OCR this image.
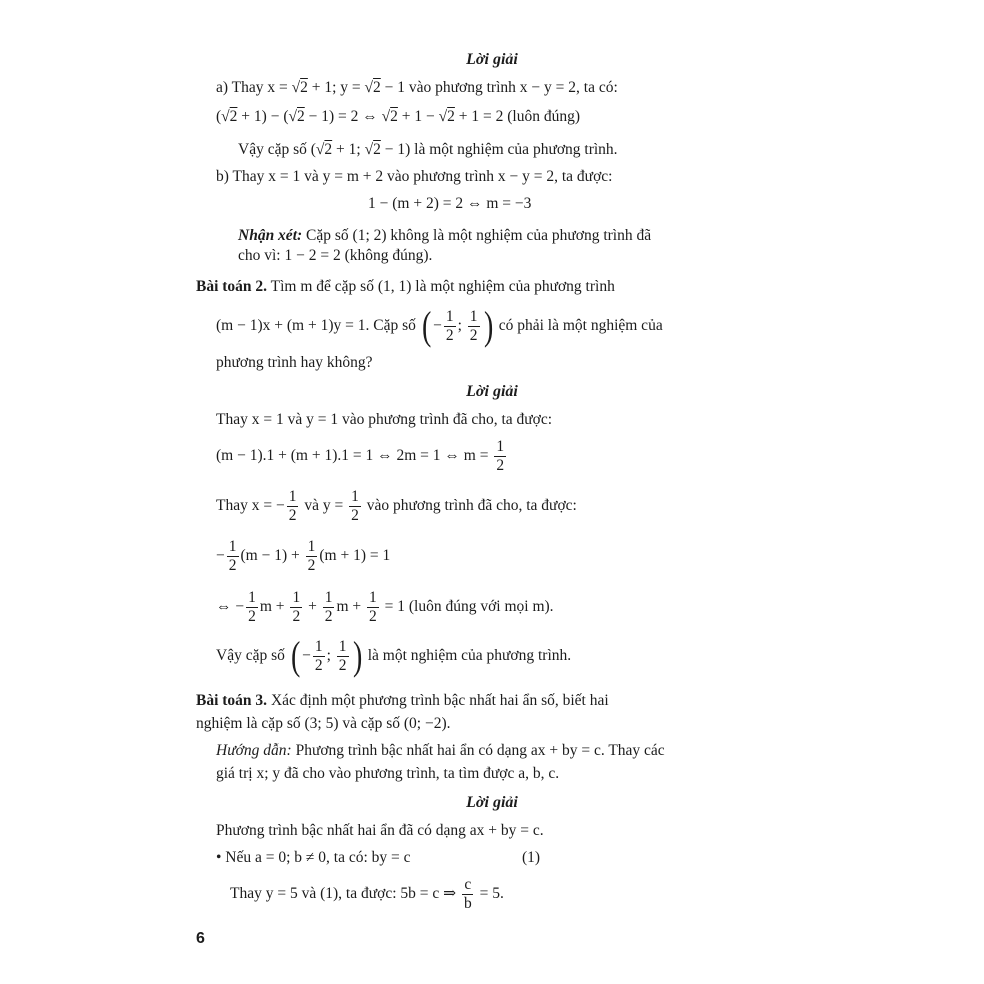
Lời giải
a) Thay x = √2 + 1; y = √2 − 1 vào phương trình x − y = 2, ta có:
(√2 + 1) − (√2 − 1) = 2 ⇔ √2 + 1 − √2 + 1 = 2 (luôn đúng)
Vậy cặp số (√2 + 1; √2 − 1) là một nghiệm của phương trình.
b) Thay x = 1 và y = m + 2 vào phương trình x − y = 2, ta được:
1 − (m + 2) = 2 ⇔ m = −3
Nhận xét: Cặp số (1; 2) không là một nghiệm của phương trình đã
cho vì: 1 − 2 = 2 (không đúng).
Bài toán 2. Tìm m để cặp số (1, 1) là một nghiệm của phương trình
(m − 1)x + (m + 1)y = 1. Cặp số ( − $\frac{1}{2}$ ; $\frac{1}{2}$ ) có phải là một nghiệm của
phương trình hay không?
Lời giải
Thay x = 1 và y = 1 vào phương trình đã cho, ta được:
(m − 1).1 + (m + 1).1 = 1 ⇔ 2m = 1 ⇔ $m = \frac{1}{2}$
Thay x = − $\frac{1}{2}$ và $y = \frac{1}{2}$ vào phương trình đã cho, ta được:
− $\frac{1}{2} (m - 1) + \frac{1}{2} (m + 1) = 1$
⇔ − $\frac{1}{2}$ $m + \frac{1}{2} + \frac{1}{2}$ $m + \frac{1}{2} = 1$ (luôn đúng với mọi m).
Vậy cặp số ( − $\frac{1}{2}$ ; $\frac{1}{2}$ ) là một nghiệm của phương trình.
Bài toán 3. Xác định một phương trình bậc nhất hai ẩn số, biết hai
nghiệm là cặp số (3; 5) và cặp số (0; −2).
Hướng dẫn: Phương trình bậc nhất hai ẩn có dạng ax + by = c. Thay các
giá trị x; y đã cho vào phương trình, ta tìm được a, b, c.
Lời giải
Phương trình bậc nhất hai ẩn đã có dạng ax + by = c.
• Nếu a = 0; b ≠ 0, ta có: by = c	(1)
Thay y = 5 và (1), ta được: 5b = c ⇒ $\frac{c}{b} = 5$.
6
